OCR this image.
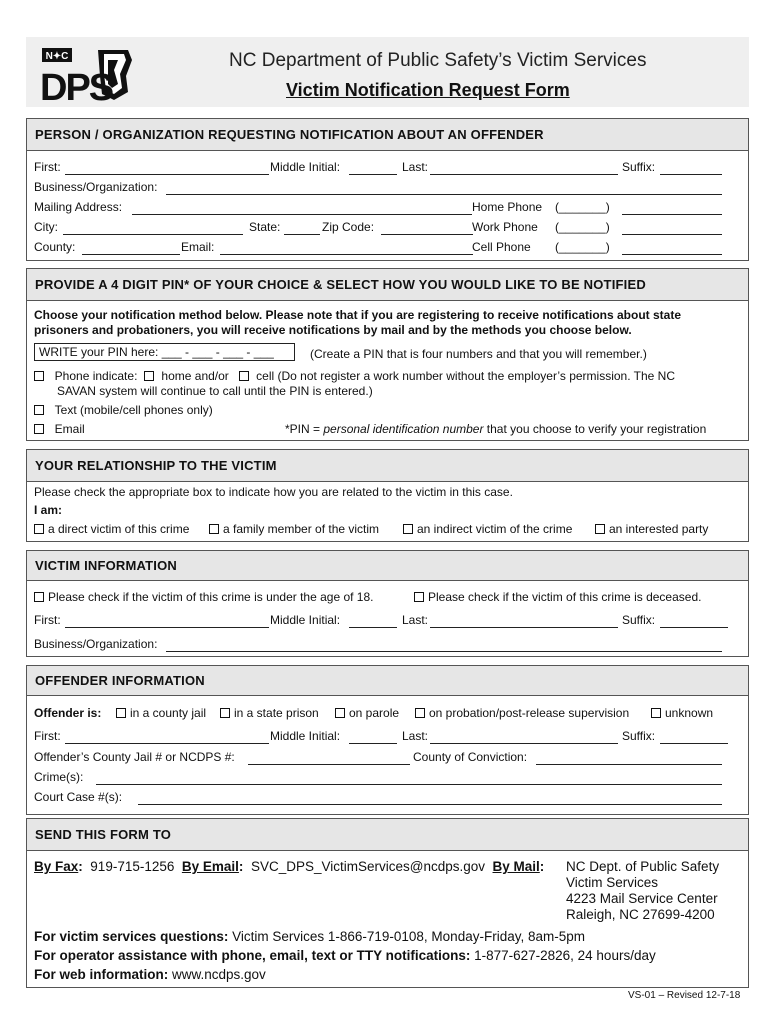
N✦C
DPS
NC Department of Public Safety’s Victim Services
Victim Notification Request Form
PERSON / ORGANIZATION REQUESTING NOTIFICATION ABOUT AN OFFENDER
First:	Middle Initial:	Last:	Suffix:
Business/Organization:
Mailing Address:	Home Phone (_______)
City:	State:	Zip Code:	Work Phone (_______)
County:	Email:	Cell Phone (_______)
PROVIDE A 4 DIGIT PIN* OF YOUR CHOICE & SELECT HOW YOU WOULD LIKE TO BE NOTIFIED
Choose your notification method below. Please note that if you are registering to receive notifications about state
prisoners and probationers, you will receive notifications by mail and by the methods you choose below.
WRITE your PIN here: ___ - ___ - ___ - ___	(Create a PIN that is four numbers and that you will remember.)
Phone indicate: home and/or cell (Do not register a work number without the employer’s permission. The NC
SAVAN system will continue to call until the PIN is entered.)
Text (mobile/cell phones only)
Email	*PIN = personal identification number that you choose to verify your registration
YOUR RELATIONSHIP TO THE VICTIM
Please check the appropriate box to indicate how you are related to the victim in this case.
I am:
a direct victim of this crime	a family member of the victim	an indirect victim of the crime	an interested party
VICTIM INFORMATION
Please check if the victim of this crime is under the age of 18.	Please check if the victim of this crime is deceased.
First:	Middle Initial:	Last:	Suffix:
Business/Organization:
OFFENDER INFORMATION
Offender is:	in a county jail	in a state prison	on parole	on probation/post-release supervision	unknown
First:	Middle Initial:	Last:	Suffix:
Offender’s County Jail # or NCDPS #:	County of Conviction:
Crime(s):
Court Case #(s):
SEND THIS FORM TO
By Fax: 919-715-1256 By Email: SVC_DPS_VictimServices@ncdps.gov By Mail: NC Dept. of Public Safety
Victim Services
4223 Mail Service Center
Raleigh, NC 27699-4200
For victim services questions: Victim Services 1-866-719-0108, Monday-Friday, 8am-5pm
For operator assistance with phone, email, text or TTY notifications: 1-877-627-2826, 24 hours/day
For web information: www.ncdps.gov
VS-01 – Revised 12-7-18
